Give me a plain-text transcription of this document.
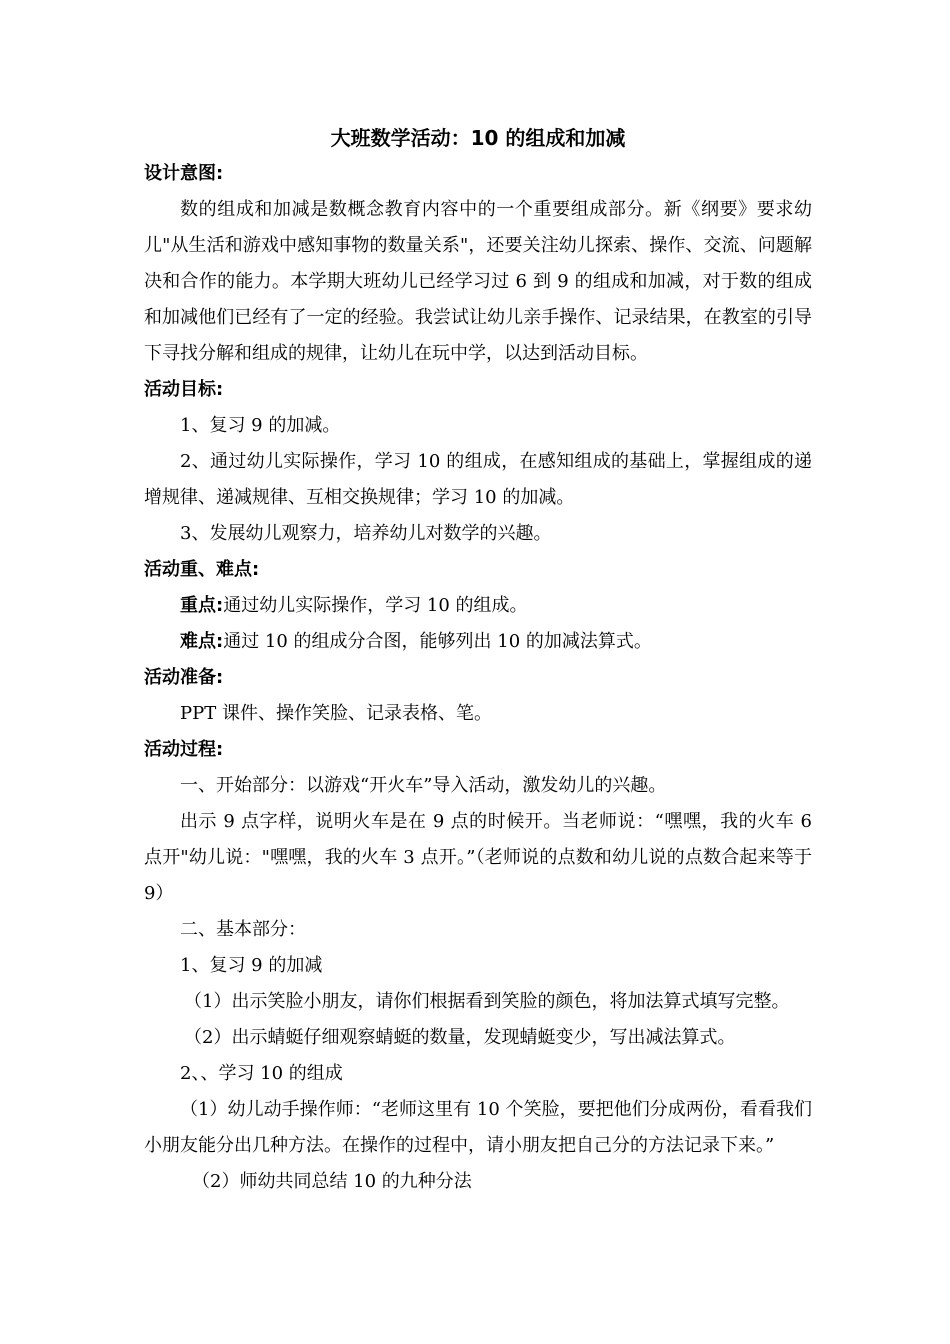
大班数学活动：10 的组成和加减

设计意图:

数的组成和加减是数概念教育内容中的一个重要组成部分。新《纲要》要求幼儿"从生活和游戏中感知事物的数量关系"，还要关注幼儿探索、操作、交流、问题解决和合作的能力。本学期大班幼儿已经学习过 6 到 9 的组成和加减，对于数的组成和加减他们已经有了一定的经验。我尝试让幼儿亲手操作、记录结果，在教室的引导下寻找分解和组成的规律，让幼儿在玩中学，以达到活动目标。

活动目标:

1、复习 9 的加减。

2、通过幼儿实际操作，学习 10 的组成，在感知组成的基础上，掌握组成的递增规律、递减规律、互相交换规律；学习 10 的加减。

3、发展幼儿观察力，培养幼儿对数学的兴趣。

活动重、难点:

重点:通过幼儿实际操作，学习 10 的组成。

难点:通过 10 的组成分合图，能够列出 10 的加减法算式。

活动准备:

PPT 课件、操作笑脸、记录表格、笔。

活动过程:

一、开始部分：以游戏“开火车”导入活动，激发幼儿的兴趣。

出示 9 点字样，说明火车是在 9 点的时候开。当老师说：“嘿嘿，我的火车 6 点开"幼儿说："嘿嘿，我的火车 3 点开。”（老师说的点数和幼儿说的点数合起来等于 9）

二、基本部分：

1、复习 9 的加减

（1）出示笑脸小朋友，请你们根据看到笑脸的颜色，将加法算式填写完整。

（2）出示蜻蜓仔细观察蜻蜓的数量，发现蜻蜓变少，写出减法算式。

2、、学习 10 的组成

（1）幼儿动手操作师：“老师这里有 10 个笑脸，要把他们分成两份，看看我们小朋友能分出几种方法。在操作的过程中，请小朋友把自己分的方法记录下来。”

（2）师幼共同总结 10 的九种分法
